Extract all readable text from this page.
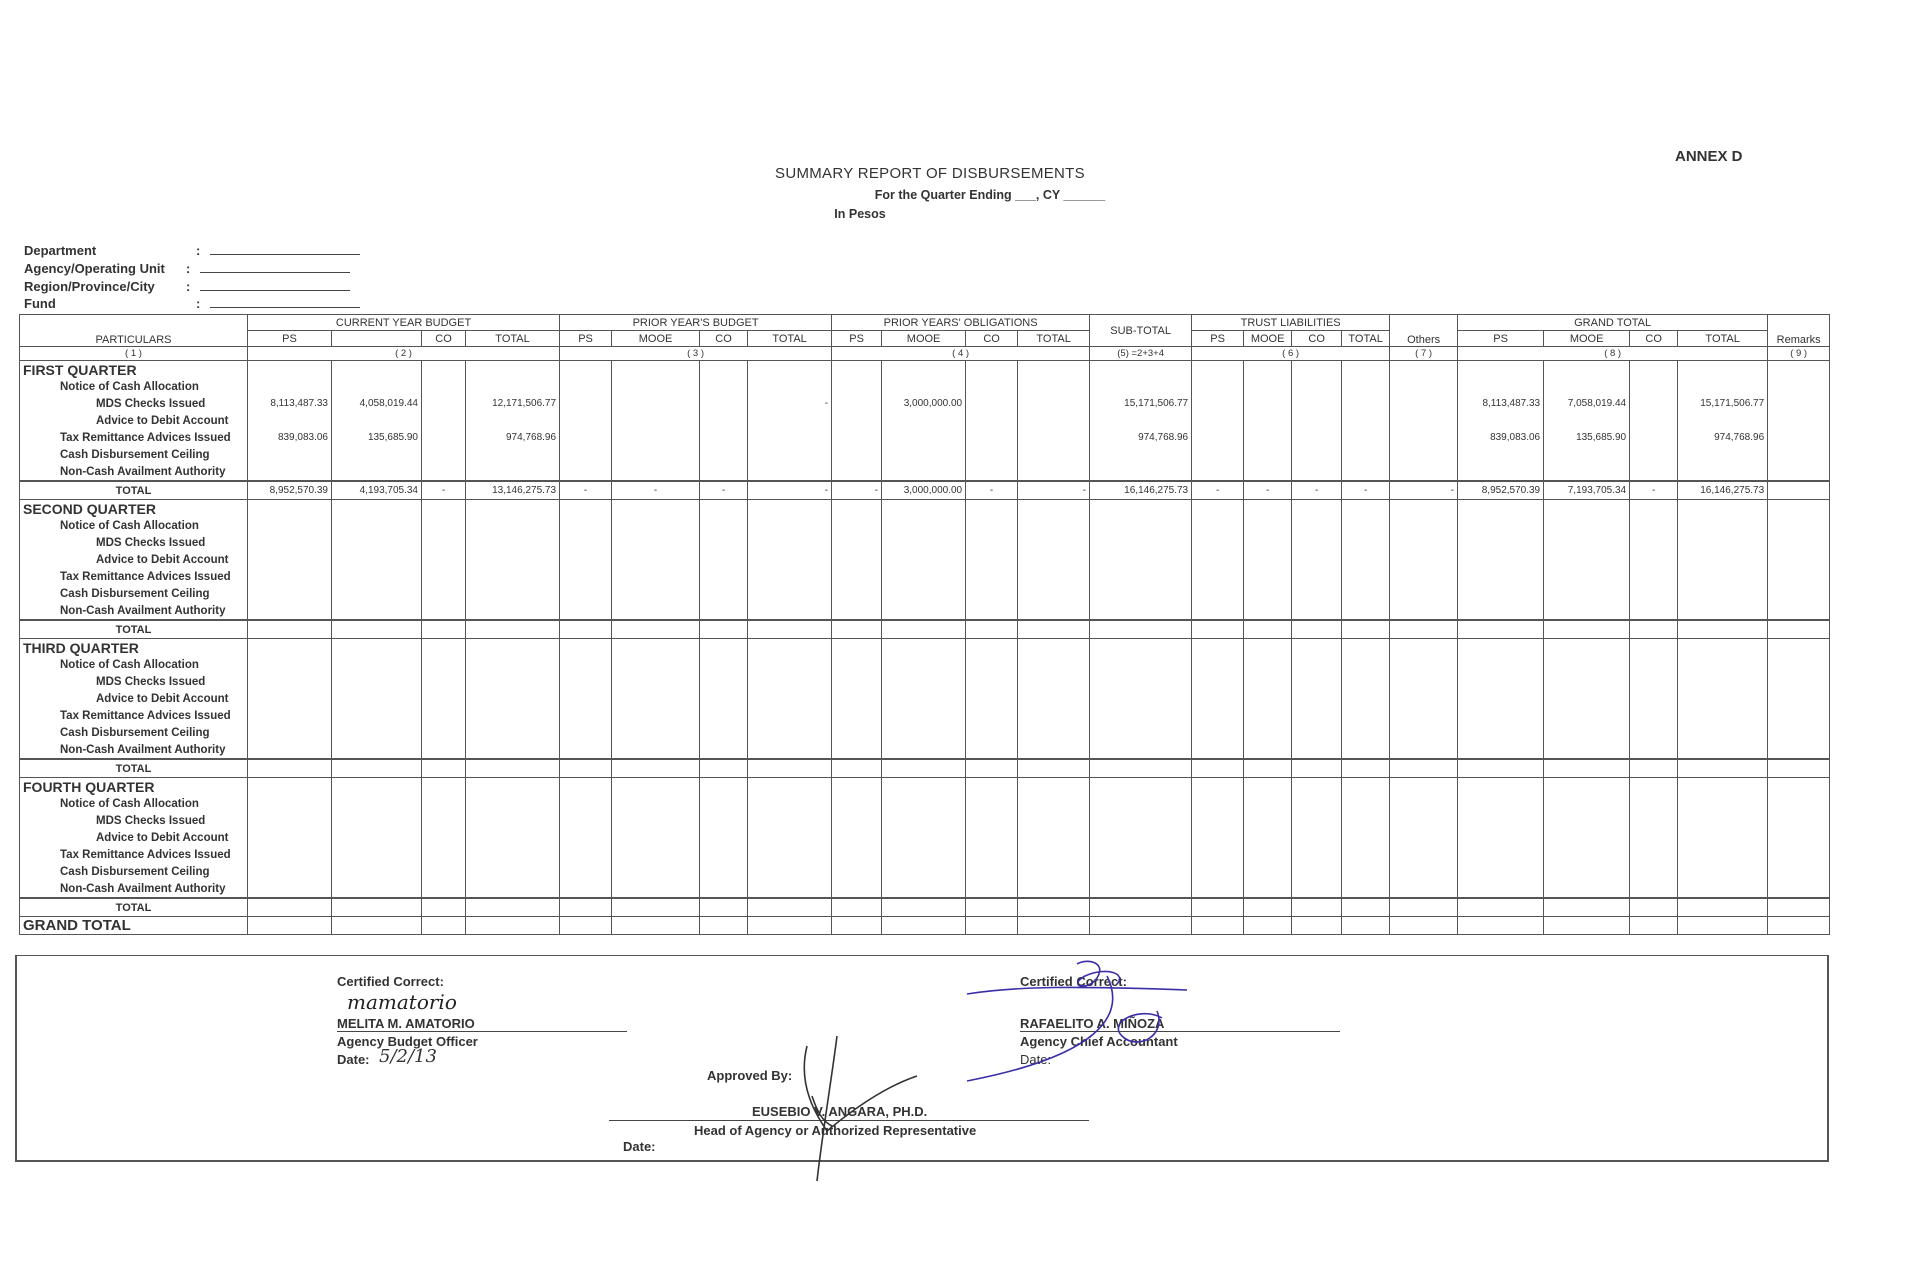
ANNEX D
SUMMARY REPORT OF DISBURSEMENTS
For the Quarter Ending ___, CY ______
In Pesos
Department	:
Agency/Operating Unit :
Region/Province/City :
Fund	:
PARTICULARS	CURRENT YEAR BUDGET				PRIOR YEAR'S BUDGET				PRIOR YEARS' OBLIGATIONS				SUB-TOTAL	TRUST LIABILITIES				Others	GRAND TOTAL				Remarks
	PS		CO	TOTAL	PS	MOOE	CO	TOTAL	PS	MOOE	CO	TOTAL		PS	MOOE	CO	TOTAL		PS	MOOE	CO	TOTAL	
( 1 )	( 2 )				( 3 )				( 4 )				(5) =2+3+4	( 6 )				( 7 )	( 8 )				( 9 )
FIRST QUARTER																							
Notice of Cash Allocation																							
MDS Checks Issued	8,113,487.33	4,058,019.44		12,171,506.77				-		3,000,000.00			15,171,506.77						8,113,487.33	7,058,019.44		15,171,506.77	
Advice to Debit Account																							
Tax Remittance Advices Issued	839,083.06	135,685.90		974,768.96									974,768.96						839,083.06	135,685.90		974,768.96	
Cash Disbursement Ceiling																							
Non-Cash Availment Authority																							
TOTAL	8,952,570.39	4,193,705.34	-	13,146,275.73	-	-	-	-	-	3,000,000.00	-	-	16,146,275.73	-	-	-	-	-	8,952,570.39	7,193,705.34	-	16,146,275.73	
SECOND QUARTER																							
Notice of Cash Allocation																							
MDS Checks Issued																							
Advice to Debit Account																							
Tax Remittance Advices Issued																							
Cash Disbursement Ceiling																							
Non-Cash Availment Authority																							
TOTAL																							
THIRD QUARTER																							
Notice of Cash Allocation																							
MDS Checks Issued																							
Advice to Debit Account																							
Tax Remittance Advices Issued																							
Cash Disbursement Ceiling																							
Non-Cash Availment Authority																							
TOTAL																							
FOURTH QUARTER																							
Notice of Cash Allocation																							
MDS Checks Issued																							
Advice to Debit Account																							
Tax Remittance Advices Issued																							
Cash Disbursement Ceiling																							
Non-Cash Availment Authority																							
TOTAL																							
GRAND TOTAL																							
Certified Correct:
mamatorio
MELITA M. AMATORIO
Agency Budget Officer
Date: 5/2/13
Certified Correct:
RAFAELITO A. MIÑOZA
Agency Chief Accountant
Date:
Approved By:
EUSEBIO V. ANGARA, PH.D.
Head of Agency or Authorized Representative
Date:
